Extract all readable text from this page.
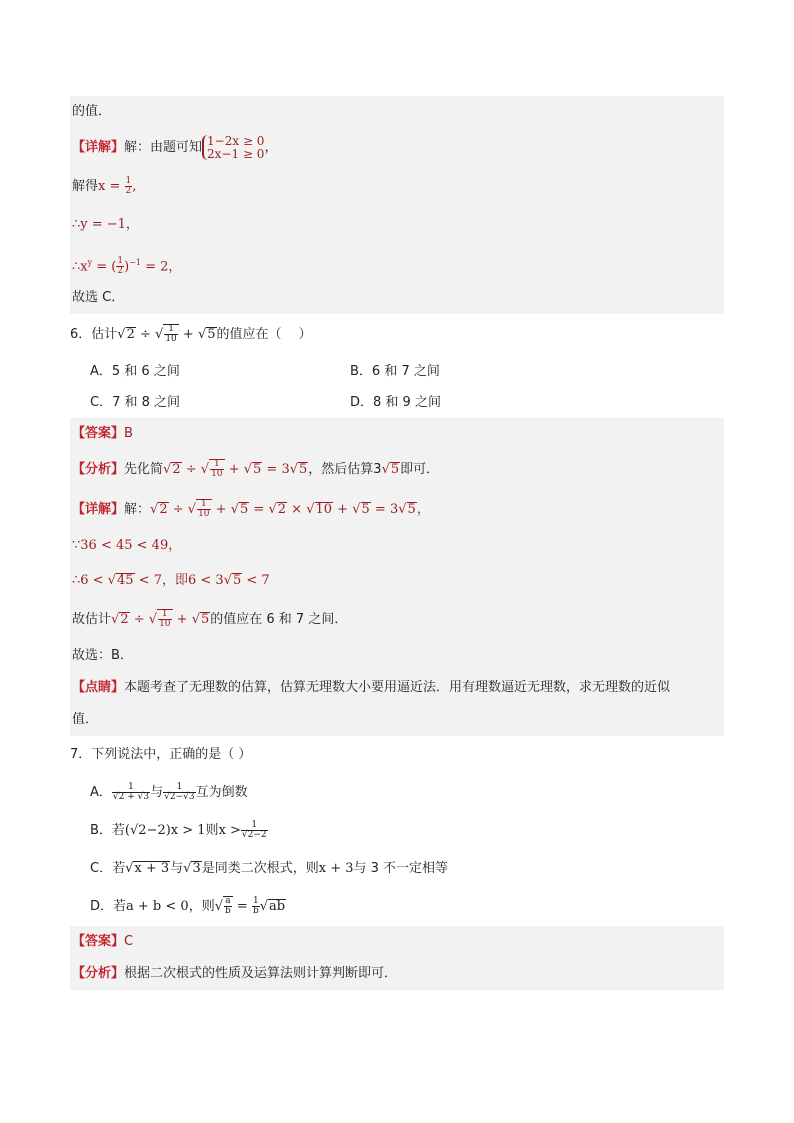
的值．
【详解】解：由题可知 1−2x ≥ 0
2x−1 ≥ 0 ，
解得$x = \frac{1}{2}$ ,
∴y = −1，
$\therefore x^y$ = ( $\frac{1}{2} )^{-1} = 2$，
故选 C．
6．估计√2 ÷ √ $\frac{1}{10} + √5$的值应在（　 ）
A．5 和 6 之间	B．6 和 7 之间
C．7 和 8 之间	D．8 和 9 之间
【答案】B
【分析】先化简√2 ÷ √ $\frac{1}{10} + √5 = 3√5$，然后估算3√5即可．
【详解】解：√2 ÷ √ $\frac{1}{10} + √5 = √2 \times √10 + √5 = 3√5$，
∵36 < 45 < 49，
∴6 < √45 < 7，即6 < 3√5 < 7
故估计√2 ÷ √ $\frac{1}{10} + √5$的值应在 6 和 7 之间．
故选：B．
【点睛】本题考查了无理数的估算，估算无理数大小要用逼近法．用有理数逼近无理数，求无理数的近似
值．
7．下列说法中，正确的是（ ）
A． $\frac{1}{√2 + √3}$ 与 $\frac{1}{√2-√3}$ 互为倒数
B．若(√2−2)x > 1则$x > \frac{1}{√2-2}$
C．若√x + 3与√3是同类二次根式，则x + 3与 3 不一定相等
D．若a + b < 0，则√ $\frac{a}{b} = \frac{1}{b} √ab$
【答案】C
【分析】根据二次根式的性质及运算法则计算判断即可．
